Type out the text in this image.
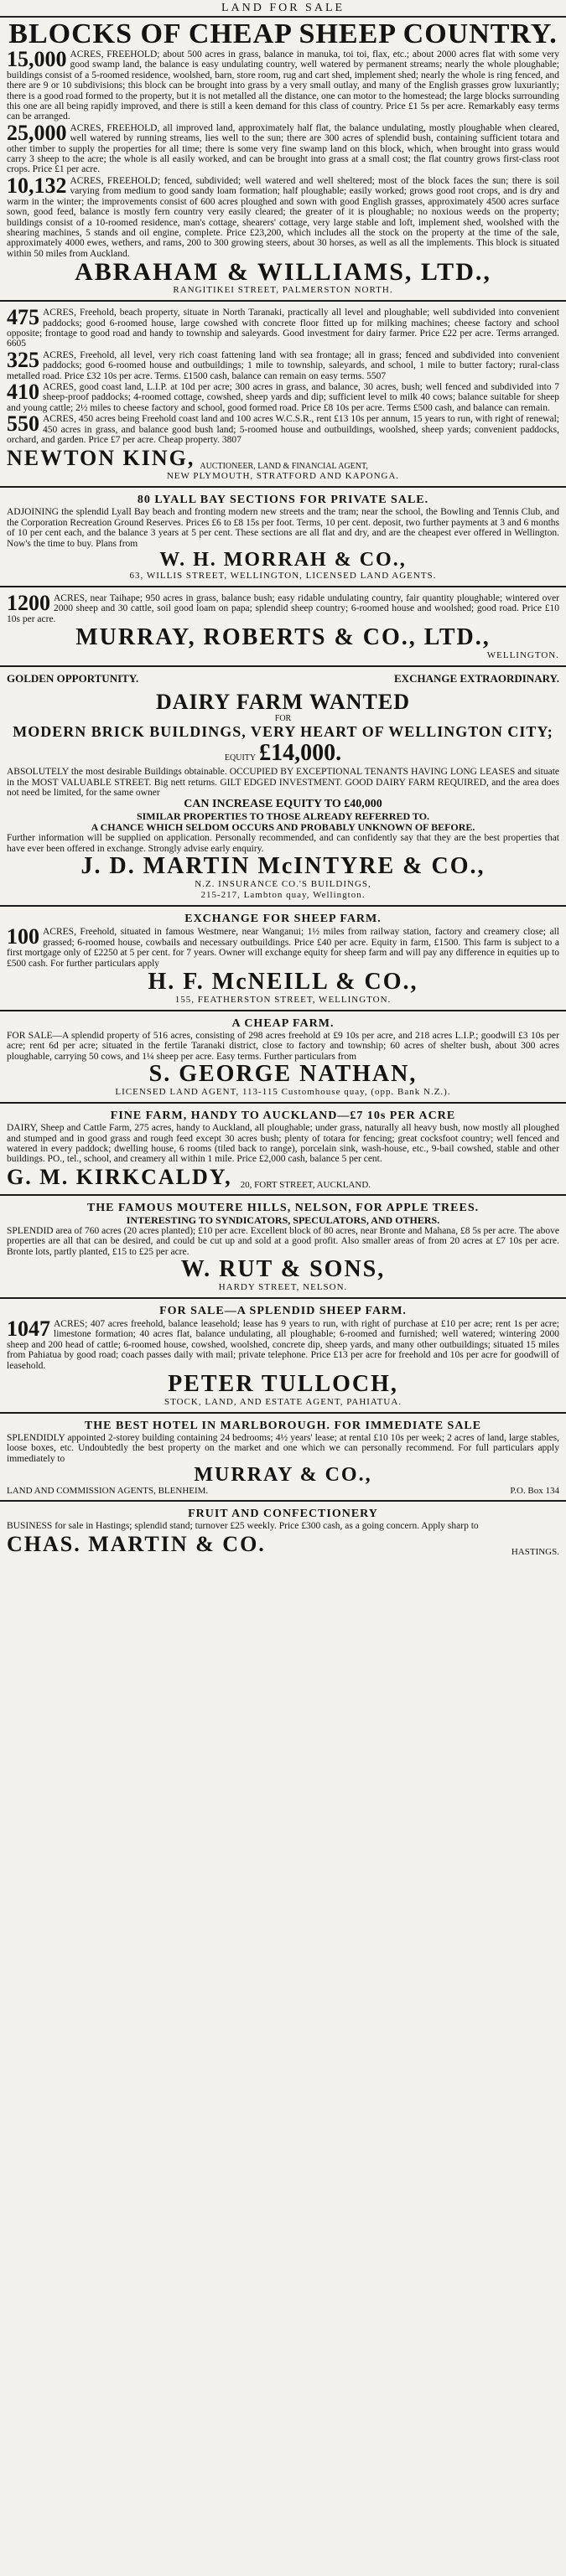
LAND FOR SALE
BLOCKS OF CHEAP SHEEP COUNTRY.
15,000 ACRES, FREEHOLD; about 500 acres in grass, balance in manuka, toi toi, flax, etc.; about 2000 acres flat with some very good swamp land, the balance is easy undulating country, well watered by permanent streams; nearly the whole ploughable; buildings consist of a 5-roomed residence, woolshed, barn, store room, rug and cart shed, implement shed; nearly the whole is ring fenced, and there are 9 or 10 subdivisions; this block can be brought into grass by a very small outlay, and many of the English grasses grow luxuriantly; there is a good road formed to the property, but it is not metalled all the distance, one can motor to the homestead; the large blocks surrounding this one are all being rapidly improved, and there is still a keen demand for this class of country. Price £1 5s per acre. Remarkably easy terms can be arranged.
25,000 ACRES, FREEHOLD, all improved land, approximately half flat, the balance undulating, mostly ploughable when cleared, well watered by running streams, lies well to the sun; there are 300 acres of splendid bush, containing sufficient totara and other timber to supply the properties for all time; there is some very fine swamp land on this block, which, when brought into grass would carry 3 sheep to the acre; the whole is all easily worked, and can be brought into grass at a small cost; the flat country grows first-class root crops. Price £1 per acre.
10,132 ACRES, FREEHOLD; fenced, subdivided; well watered and well sheltered; most of the block faces the sun; there is soil varying from medium to good sandy loam formation; half ploughable; easily worked; grows good root crops, and is dry and warm in the winter; the improvements consist of 600 acres ploughed and sown with good English grasses, approximately 4500 acres surface sown, good feed, balance is mostly fern country very easily cleared; the greater of it is ploughable; no noxious weeds on the property; buildings consist of a 10-roomed residence, man's cottage, shearers' cottage, very large stable and loft, implement shed, woolshed with the shearing machines, 5 stands and oil engine, complete. Price £23,200, which includes all the stock on the property at the time of the sale, approximately 4000 ewes, wethers, and rams, 200 to 300 growing steers, about 30 horses, as well as all the implements. This block is situated within 50 miles from Auckland.
ABRAHAM & WILLIAMS, LTD.,
RANGITIKEI STREET, PALMERSTON NORTH.
475 ACRES, Freehold, beach property, situate in North Taranaki, practically all level and ploughable; well subdivided into convenient paddocks; good 6-roomed house, large cowshed with concrete floor fitted up for milking machines; cheese factory and school opposite; frontage to good road and handy to township and saleyards. Good investment for dairy farmer. Price £22 per acre. Terms arranged. 6605
325 ACRES, Freehold, all level, very rich coast fattening land with sea frontage; all in grass; fenced and subdivided into convenient paddocks; good 6-roomed house and outbuildings; 1 mile to township, saleyards, and school, 1 mile to butter factory; rural-class metalled road. Price £32 10s per acre. Terms. £1500 cash, balance can remain on easy terms. 5507
410 ACRES, good coast land, L.I.P. at 10d per acre; 300 acres in grass, and balance, 30 acres, bush; well fenced and subdivided into 7 sheep-proof paddocks; 4-roomed cottage, cowshed, sheep yards and dip; sufficient level to milk 40 cows; balance suitable for sheep and young cattle; 2½ miles to cheese factory and school, good formed road. Price £8 10s per acre. Terms £500 cash, and balance can remain.
550 ACRES, 450 acres being Freehold coast land and 100 acres W.C.S.R., rent £13 10s per annum, 15 years to run, with right of renewal; 450 acres in grass, and balance good bush land; 5-roomed house and outbuildings, woolshed, sheep yards; convenient paddocks, orchard, and garden. Price £7 per acre. Cheap property. 3807
NEWTON KING, AUCTIONEER, LAND & FINANCIAL AGENT,
NEW PLYMOUTH, STRATFORD AND KAPONGA.
80 LYALL BAY SECTIONS FOR PRIVATE SALE.
ADJOINING the splendid Lyall Bay beach and fronting modern new streets and the tram; near the school, the Bowling and Tennis Club, and the Corporation Recreation Ground Reserves. Prices £6 to £8 15s per foot. Terms, 10 per cent. deposit, two further payments at 3 and 6 months of 10 per cent each, and the balance 3 years at 5 per cent. These sections are all flat and dry, and are the cheapest ever offered in Wellington. Now's the time to buy. Plans from
W. H. MORRAH & CO.,
63, WILLIS STREET, WELLINGTON, LICENSED LAND AGENTS.
1200 ACRES, near Taihape; 950 acres in grass, balance bush; easy ridable undulating country, fair quantity ploughable; wintered over 2000 sheep and 30 cattle, soil good loam on papa; splendid sheep country; 6-roomed house and woolshed; good road. Price £10 10s per acre.
MURRAY, ROBERTS & CO., LTD.,
WELLINGTON.
GOLDEN OPPORTUNITY.	EXCHANGE EXTRAORDINARY.
DAIRY FARM WANTED
FOR
MODERN BRICK BUILDINGS, VERY HEART OF WELLINGTON CITY;
EQUITY £14,000.
ABSOLUTELY the most desirable Buildings obtainable. OCCUPIED BY EXCEPTIONAL TENANTS HAVING LONG LEASES and situate in the MOST VALUABLE STREET. Big nett returns. GILT EDGED INVESTMENT. GOOD DAIRY FARM REQUIRED, and the area does not need be limited, for the same owner
CAN INCREASE EQUITY TO £40,000
SIMILAR PROPERTIES TO THOSE ALREADY REFERRED TO.
A CHANCE WHICH SELDOM OCCURS AND PROBABLY UNKNOWN OF BEFORE.
Further information will be supplied on application. Personally recommended, and can confidently say that they are the best properties that have ever been offered in exchange. Strongly advise early enquiry.
J. D. MARTIN McINTYRE & CO.,
N.Z. INSURANCE CO.'S BUILDINGS,
215-217, Lambton quay, Wellington.
EXCHANGE FOR SHEEP FARM.
100 ACRES, Freehold, situated in famous Westmere, near Wanganui; 1½ miles from railway station, factory and creamery close; all grassed; 6-roomed house, cowbails and necessary outbuildings. Price £40 per acre. Equity in farm, £1500. This farm is subject to a first mortgage only of £2250 at 5 per cent. for 7 years. Owner will exchange equity for sheep farm and will pay any difference in equities up to £500 cash. For further particulars apply
H. F. McNEILL & CO.,
155, FEATHERSTON STREET, WELLINGTON.
A CHEAP FARM.
FOR SALE—A splendid property of 516 acres, consisting of 298 acres freehold at £9 10s per acre, and 218 acres L.I.P.; goodwill £3 10s per acre; rent 6d per acre; situated in the fertile Taranaki district, close to factory and township; 60 acres of shelter bush, about 300 acres ploughable, carrying 50 cows, and 1¼ sheep per acre. Easy terms. Further particulars from
S. GEORGE NATHAN,
LICENSED LAND AGENT, 113-115 Customhouse quay, (opp. Bank N.Z.).
FINE FARM, HANDY TO AUCKLAND—£7 10s PER ACRE
DAIRY, Sheep and Cattle Farm, 275 acres, handy to Auckland, all ploughable; under grass, naturally all heavy bush, now mostly all ploughed and stumped and in good grass and rough feed except 30 acres bush; plenty of totara for fencing; great cocksfoot country; well fenced and watered in every paddock; dwelling house, 6 rooms (tiled back to range), porcelain sink, wash-house, etc., 9-bail cowshed, stable and other buildings. PO., tel., school, and creamery all within 1 mile. Price £2,000 cash, balance 5 per cent.
G. M. KIRKCALDY, 20, FORT STREET, AUCKLAND.
THE FAMOUS MOUTERE HILLS, NELSON, FOR APPLE TREES.
INTERESTING TO SYNDICATORS, SPECULATORS, AND OTHERS.
SPLENDID area of 760 acres (20 acres planted); £10 per acre. Excellent block of 80 acres, near Bronte and Mahana, £8 5s per acre. The above properties are all that can be desired, and could be cut up and sold at a good profit. Also smaller areas of from 20 acres at £7 10s per acre. Bronte lots, partly planted, £15 to £25 per acre.
W. RUT & SONS,
HARDY STREET, NELSON.
FOR SALE—A SPLENDID SHEEP FARM.
1047 ACRES; 407 acres freehold, balance leasehold; lease has 9 years to run, with right of purchase at £10 per acre; rent 1s per acre; limestone formation; 40 acres flat, balance undulating, all ploughable; 6-roomed and furnished; well watered; wintering 2000 sheep and 200 head of cattle; 6-roomed house, cowshed, woolshed, concrete dip, sheep yards, and many other outbuildings; situated 15 miles from Pahiatua by good road; coach passes daily with mail; private telephone. Price £13 per acre for freehold and 10s per acre for goodwill of leasehold.
PETER TULLOCH,
STOCK, LAND, AND ESTATE AGENT, PAHIATUA.
THE BEST HOTEL IN MARLBOROUGH. FOR IMMEDIATE SALE
SPLENDIDLY appointed 2-storey building containing 24 bedrooms; 4½ years' lease; at rental £10 10s per week; 2 acres of land, large stables, loose boxes, etc. Undoubtedly the best property on the market and one which we can personally recommend. For full particulars apply immediately to
MURRAY & CO.,
LAND AND COMMISSION AGENTS, BLENHEIM.	P.O. Box 134
FRUIT AND CONFECTIONERY
BUSINESS for sale in Hastings; splendid stand; turnover £25 weekly. Price £300 cash, as a going concern. Apply sharp to
CHAS. MARTIN & CO.	HASTINGS.
